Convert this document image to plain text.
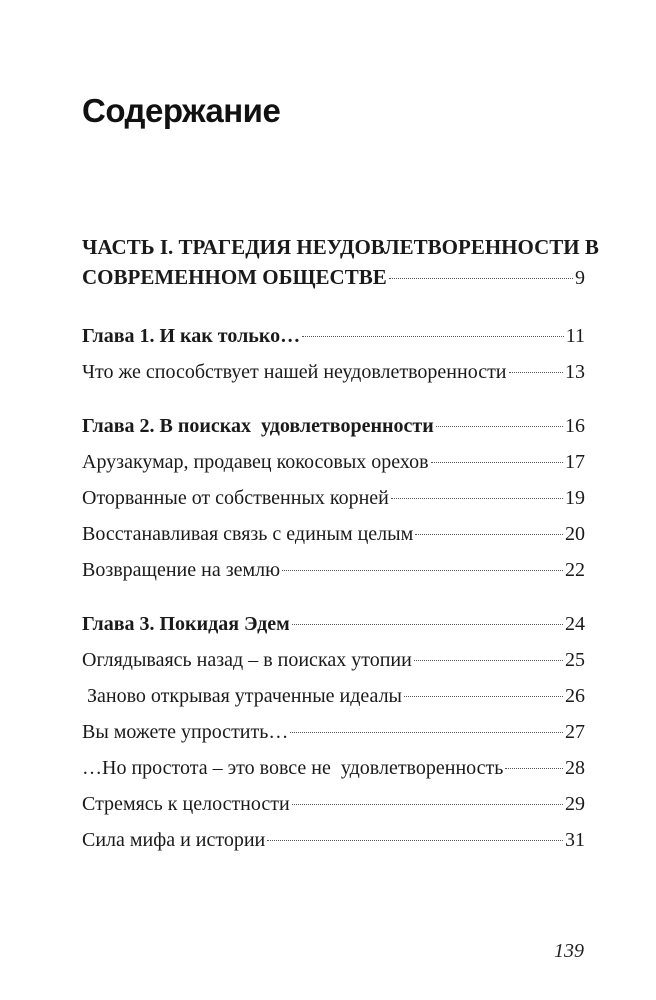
Содержание
ЧАСТЬ I. ТРАГЕДИЯ НЕУДОВЛЕТВОРЕННОСТИ В
СОВРЕМЕННОМ ОБЩЕСТВЕ	9
Глава 1. И как только…	11
Что же способствует нашей неудовлетворенности	13
Глава 2. В поисках  удовлетворенности	16
Арузакумар, продавец кокосовых орехов	17
Оторванные от собственных корней	19
Восстанавливая связь с единым целым	20
Возвращение на землю	22
Глава 3. Покидая Эдем	24
Оглядываясь назад – в поисках утопии	25
Заново открывая утраченные идеалы	26
Вы можете упростить…	27
…Но простота – это вовсе не  удовлетворенность	28
Стремясь к целостности	29
Сила мифа и истории	31
139
